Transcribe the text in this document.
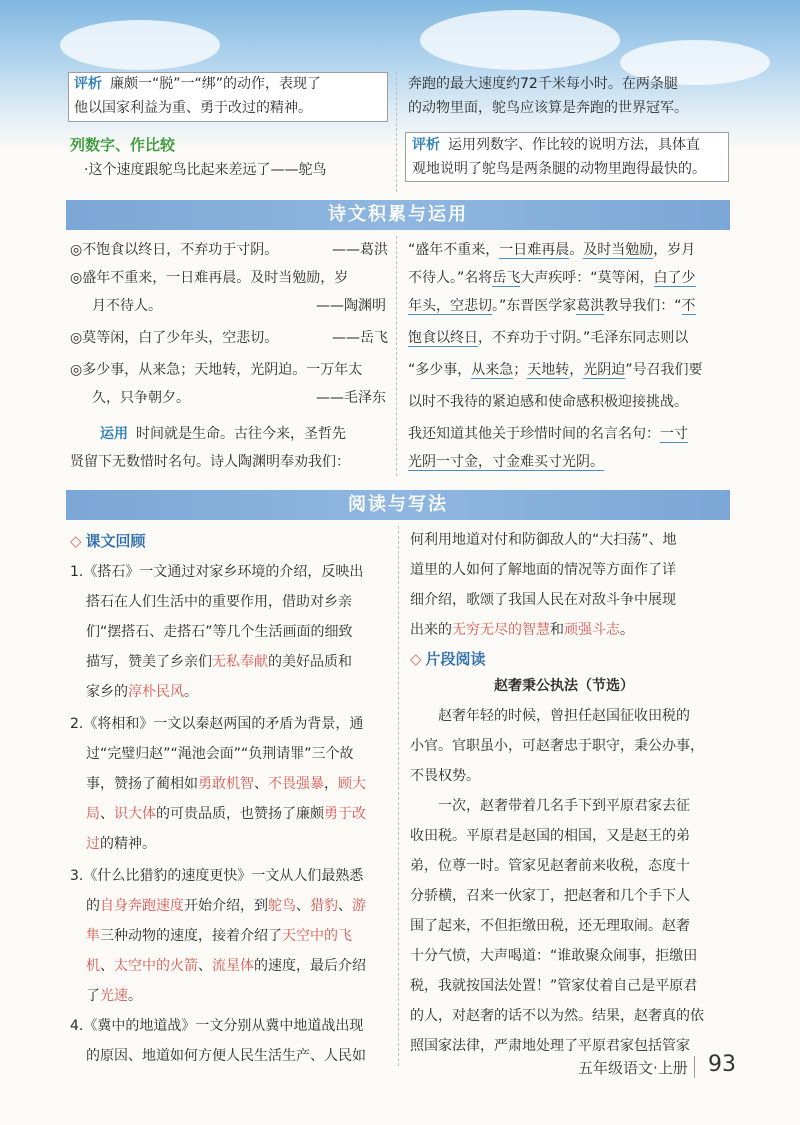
评析 廉颇一“脱”一“绑”的动作，表现了
他以国家利益为重、勇于改过的精神。
列数字、作比较
·这个速度跟鸵鸟比起来差远了——鸵鸟
奔跑的最大速度约72千米每小时。在两条腿
的动物里面，鸵鸟应该算是奔跑的世界冠军。
评析 运用列数字、作比较的说明方法，具体直
观地说明了鸵鸟是两条腿的动物里跑得最快的。
诗文积累与运用
◎不饱食以终日，不弃功于寸阴。	——葛洪
◎盛年不重来，一日难再晨。及时当勉励，岁
月不待人。	——陶渊明
◎莫等闲，白了少年头，空悲切。	——岳飞
◎多少事，从来急；天地转，光阴迫。一万年太
久，只争朝夕。	——毛泽东
运用 时间就是生命。古往今来，圣哲先
贤留下无数惜时名句。诗人陶渊明奉劝我们：
“盛年不重来，一日难再晨。及时当勉励，岁月
不待人。”名将岳飞大声疾呼：“莫等闲，白了少
年头，空悲切。”东晋医学家葛洪教导我们：“不
饱食以终日，不弃功于寸阴。”毛泽东同志则以
“多少事，从来急；天地转，光阴迫”号召我们要
以时不我待的紧迫感和使命感积极迎接挑战。
我还知道其他关于珍惜时间的名言名句：一寸
光阴一寸金，寸金难买寸光阴。
阅读与写法
◇ 课文回顾
1.《搭石》一文通过对家乡环境的介绍，反映出
搭石在人们生活中的重要作用，借助对乡亲
们“摆搭石、走搭石”等几个生活画面的细致
描写，赞美了乡亲们无私奉献的美好品质和
家乡的淳朴民风。
2.《将相和》一文以秦赵两国的矛盾为背景，通
过“完璧归赵”“渑池会面”“负荆请罪”三个故
事，赞扬了蔺相如勇敢机智、不畏强暴，顾大
局、识大体的可贵品质，也赞扬了廉颇勇于改
过的精神。
3.《什么比猎豹的速度更快》一文从人们最熟悉
的自身奔跑速度开始介绍，到鸵鸟、猎豹、游
隼三种动物的速度，接着介绍了天空中的飞
机、太空中的火箭、流星体的速度，最后介绍
了光速。
4.《冀中的地道战》一文分别从冀中地道战出现
的原因、地道如何方便人民生活生产、人民如
何利用地道对付和防御敌人的“大扫荡”、地
道里的人如何了解地面的情况等方面作了详
细介绍，歌颂了我国人民在对敌斗争中展现
出来的无穷无尽的智慧和顽强斗志。
◇ 片段阅读
赵奢秉公执法（节选）
赵奢年轻的时候，曾担任赵国征收田税的
小官。官职虽小，可赵奢忠于职守，秉公办事，
不畏权势。
一次，赵奢带着几名手下到平原君家去征
收田税。平原君是赵国的相国，又是赵王的弟
弟，位尊一时。管家见赵奢前来收税，态度十
分骄横，召来一伙家丁，把赵奢和几个手下人
围了起来，不但拒缴田税，还无理取闹。赵奢
十分气愤，大声喝道：“谁敢聚众闹事，拒缴田
税，我就按国法处置！”管家仗着自己是平原君
的人，对赵奢的话不以为然。结果，赵奢真的依
照国家法律，严肃地处理了平原君家包括管家
五年级语文·上册 93
